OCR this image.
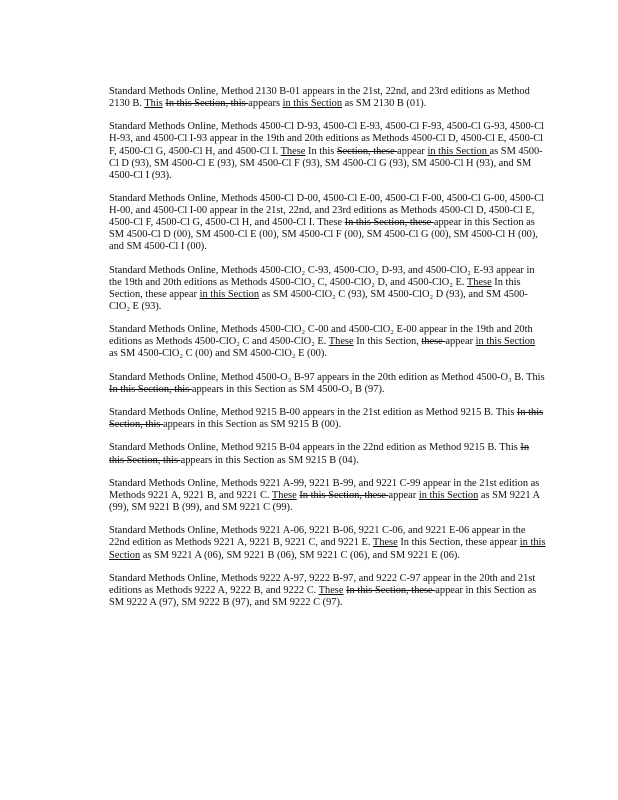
Standard Methods Online, Method 2130 B-01 appears in the 21st, 22nd, and 23rd editions as Method 2130 B. This In this Section, this appears in this Section as SM 2130 B (01).

Standard Methods Online, Methods 4500-Cl D-93, 4500-Cl E-93, 4500-Cl F-93, 4500-Cl G-93, 4500-Cl H-93, and 4500-Cl I-93 appear in the 19th and 20th editions as Methods 4500-Cl D, 4500-Cl E, 4500-Cl F, 4500-Cl G, 4500-Cl H, and 4500-Cl I. These In this Section, these appear in this Section as SM 4500-Cl D (93), SM 4500-Cl E (93), SM 4500-Cl F (93), SM 4500-Cl G (93), SM 4500-Cl H (93), and SM 4500-Cl I (93).

Standard Methods Online, Methods 4500-Cl D-00, 4500-Cl E-00, 4500-Cl F-00, 4500-Cl G-00, 4500-Cl H-00, and 4500-Cl I-00 appear in the 21st, 22nd, and 23rd editions as Methods 4500-Cl D, 4500-Cl E, 4500-Cl F, 4500-Cl G, 4500-Cl H, and 4500-Cl I. These In this Section, these appear in this Section as SM 4500-Cl D (00), SM 4500-Cl E (00), SM 4500-Cl F (00), SM 4500-Cl G (00), SM 4500-Cl H (00), and SM 4500-Cl I (00).

Standard Methods Online, Methods 4500-ClO₂ C-93, 4500-ClO₂ D-93, and 4500-ClO₂ E-93 appear in the 19th and 20th editions as Methods 4500-ClO₂ C, 4500-ClO₂ D, and 4500-ClO₂ E. These In this Section, these appear in this Section as SM 4500-ClO₂ C (93), SM 4500-ClO₂ D (93), and SM 4500-ClO₂ E (93).

Standard Methods Online, Methods 4500-ClO₂ C-00 and 4500-ClO₂ E-00 appear in the 19th and 20th editions as Methods 4500-ClO₂ C and 4500-ClO₂ E. These In this Section, these appear in this Section as SM 4500-ClO₂ C (00) and SM 4500-ClO₂ E (00).

Standard Methods Online, Method 4500-O₃ B-97 appears in the 20th edition as Method 4500-O₃ B. This In this Section, this appears in this Section as SM 4500-O₃ B (97).

Standard Methods Online, Method 9215 B-00 appears in the 21st edition as Method 9215 B. This In this Section, this appears in this Section as SM 9215 B (00).

Standard Methods Online, Method 9215 B-04 appears in the 22nd edition as Method 9215 B. This In this Section, this appears in this Section as SM 9215 B (04).

Standard Methods Online, Methods 9221 A-99, 9221 B-99, and 9221 C-99 appear in the 21st edition as Methods 9221 A, 9221 B, and 9221 C. These In this Section, these appear in this Section as SM 9221 A (99), SM 9221 B (99), and SM 9221 C (99).

Standard Methods Online, Methods 9221 A-06, 9221 B-06, 9221 C-06, and 9221 E-06 appear in the 22nd edition as Methods 9221 A, 9221 B, 9221 C, and 9221 E. These In this Section, these appear in this Section as SM 9221 A (06), SM 9221 B (06), SM 9221 C (06), and SM 9221 E (06).

Standard Methods Online, Methods 9222 A-97, 9222 B-97, and 9222 C-97 appear in the 20th and 21st editions as Methods 9222 A, 9222 B, and 9222 C. These In this Section, these appear in this Section as SM 9222 A (97), SM 9222 B (97), and SM 9222 C (97).
